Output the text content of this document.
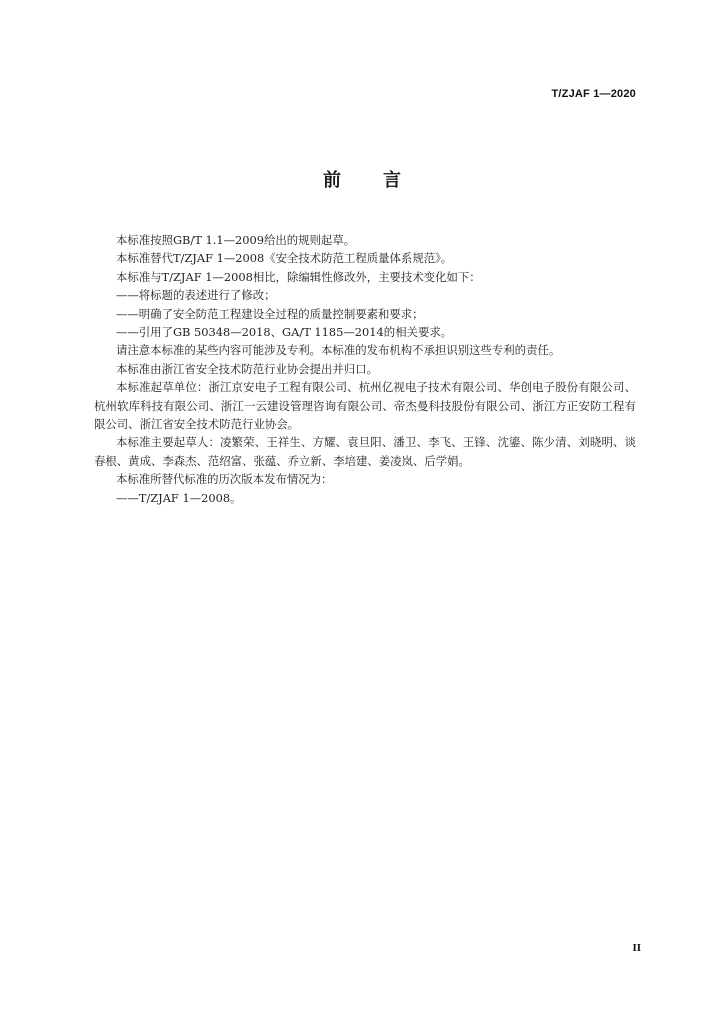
T/ZJAF 1—2020
前 言

本标准按照GB/T 1.1—2009给出的规则起草。

本标准替代T/ZJAF 1—2008《安全技术防范工程质量体系规范》。

本标准与T/ZJAF 1—2008相比，除编辑性修改外，主要技术变化如下：

——将标题的表述进行了修改；

——明确了安全防范工程建设全过程的质量控制要素和要求；

——引用了GB 50348—2018、GA/T 1185—2014的相关要求。

请注意本标准的某些内容可能涉及专利。本标准的发布机构不承担识别这些专利的责任。

本标准由浙江省安全技术防范行业协会提出并归口。

本标准起草单位：浙江京安电子工程有限公司、杭州亿视电子技术有限公司、华创电子股份有限公司、杭州软库科技有限公司、浙江一云建设管理咨询有限公司、帝杰曼科技股份有限公司、浙江方正安防工程有限公司、浙江省安全技术防范行业协会。

本标准主要起草人：凌繁荣、王祥生、方耀、袁旦阳、潘卫、李飞、王锋、沈鎏、陈少清、刘晓明、谈春根、黄成、李森杰、范绍富、张蕴、乔立新、李培建、姜凌岚、后学娟。

本标准所替代标准的历次版本发布情况为：

——T/ZJAF 1—2008。

II
